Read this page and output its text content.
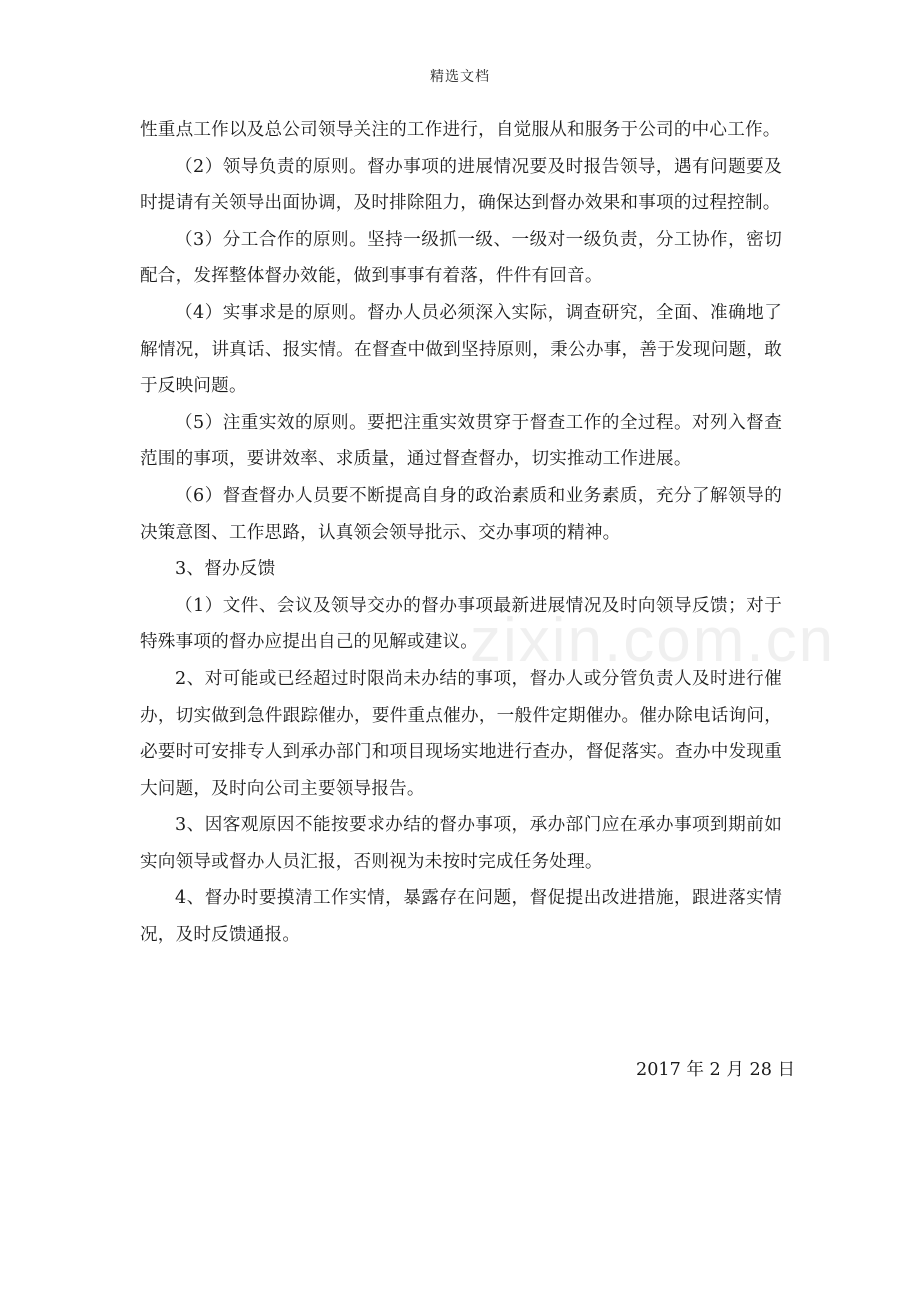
精选文档
zixin.com.cn

性重点工作以及总公司领导关注的工作进行，自觉服从和服务于公司的中心工作。

（2）领导负责的原则。督办事项的进展情况要及时报告领导，遇有问题要及时提请有关领导出面协调，及时排除阻力，确保达到督办效果和事项的过程控制。

（3）分工合作的原则。坚持一级抓一级、一级对一级负责，分工协作，密切配合，发挥整体督办效能，做到事事有着落，件件有回音。

（4）实事求是的原则。督办人员必须深入实际，调查研究，全面、准确地了解情况，讲真话、报实情。在督查中做到坚持原则，秉公办事，善于发现问题，敢于反映问题。

（5）注重实效的原则。要把注重实效贯穿于督查工作的全过程。对列入督查范围的事项，要讲效率、求质量，通过督查督办，切实推动工作进展。

（6）督查督办人员要不断提高自身的政治素质和业务素质，充分了解领导的决策意图、工作思路，认真领会领导批示、交办事项的精神。

3、督办反馈

（1）文件、会议及领导交办的督办事项最新进展情况及时向领导反馈；对于特殊事项的督办应提出自己的见解或建议。

2、对可能或已经超过时限尚未办结的事项，督办人或分管负责人及时进行催办，切实做到急件跟踪催办，要件重点催办，一般件定期催办。催办除电话询问，必要时可安排专人到承办部门和项目现场实地进行查办，督促落实。查办中发现重大问题，及时向公司主要领导报告。

3、因客观原因不能按要求办结的督办事项，承办部门应在承办事项到期前如实向领导或督办人员汇报，否则视为未按时完成任务处理。

4、督办时要摸清工作实情，暴露存在问题，督促提出改进措施，跟进落实情况，及时反馈通报。

2017 年 2 月 28 日
